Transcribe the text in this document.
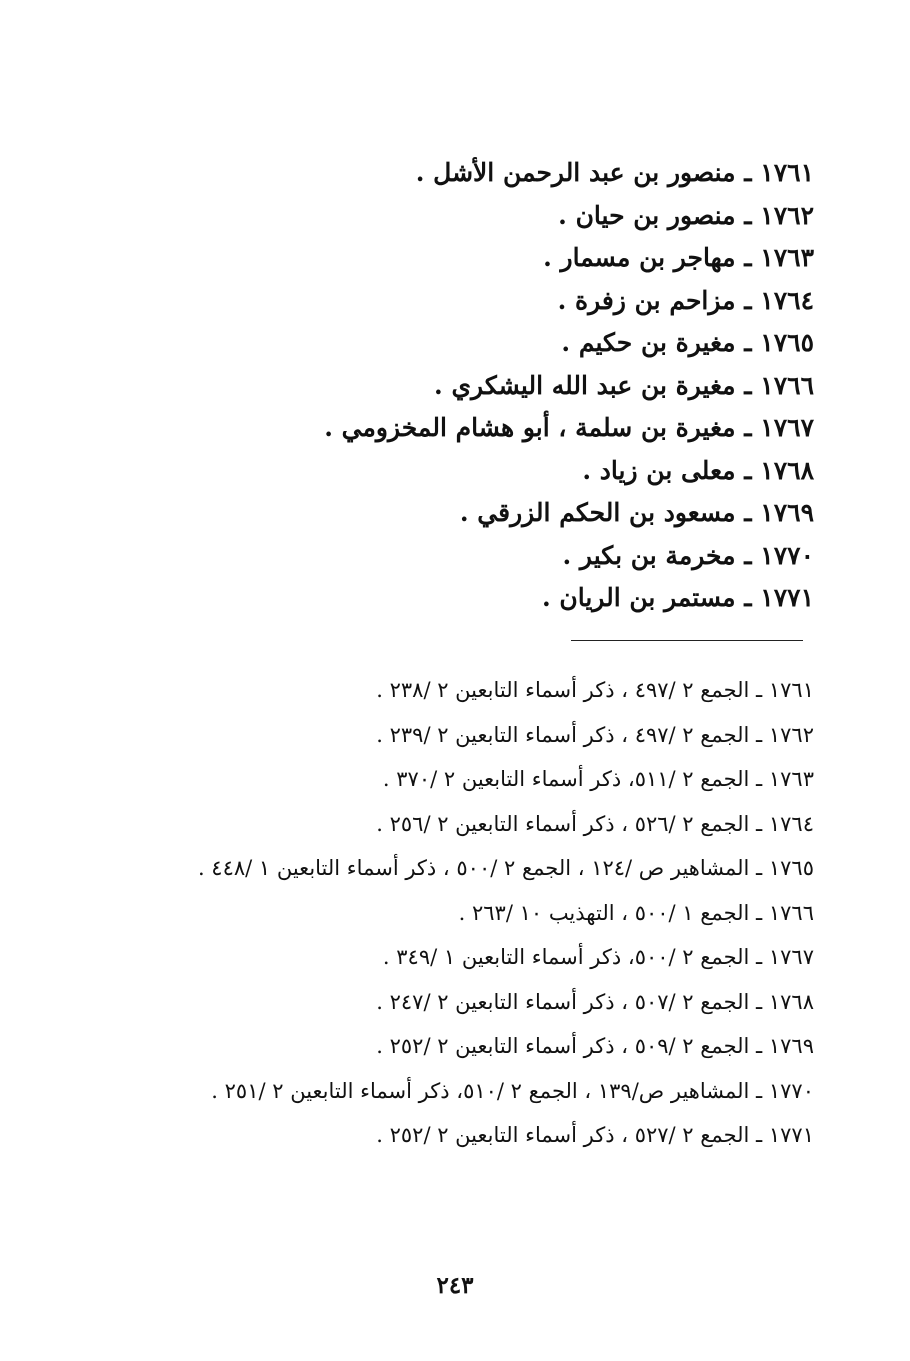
١٧٦١ ـ منصور بن عبد الرحمن الأشل .
١٧٦٢ ـ منصور بن حيان .
١٧٦٣ ـ مهاجر بن مسمار .
١٧٦٤ ـ مزاحم بن زفرة .
١٧٦٥ ـ مغيرة بن حكيم .
١٧٦٦ ـ مغيرة بن عبد الله اليشكري .
١٧٦٧ ـ مغيرة بن سلمة ، أبو هشام المخزومي .
١٧٦٨ ـ معلى بن زياد .
١٧٦٩ ـ مسعود بن الحكم الزرقي .
١٧٧٠ ـ مخرمة بن بكير .
١٧٧١ ـ مستمر بن الريان .
١٧٦١ ـ الجمع ٢ /٤٩٧ ، ذكر أسماء التابعين ٢ /٢٣٨ .
١٧٦٢ ـ الجمع ٢ /٤٩٧ ، ذكر أسماء التابعين ٢ /٢٣٩ .
١٧٦٣ ـ الجمع ٢ /٥١١، ذكر أسماء التابعين ٢ /٣٧٠ .
١٧٦٤ ـ الجمع ٢ /٥٢٦ ، ذكر أسماء التابعين ٢ /٢٥٦ .
١٧٦٥ ـ المشاهير ص /١٢٤ ، الجمع ٢ /٥٠٠ ، ذكر أسماء التابعين ١ /٤٤٨ .
١٧٦٦ ـ الجمع ١ /٥٠٠ ، التهذيب ١٠ /٢٦٣ .
١٧٦٧ ـ الجمع ٢ /٥٠٠، ذكر أسماء التابعين ١ /٣٤٩ .
١٧٦٨ ـ الجمع ٢ /٥٠٧ ، ذكر أسماء التابعين ٢ /٢٤٧ .
١٧٦٩ ـ الجمع ٢ /٥٠٩ ، ذكر أسماء التابعين ٢ /٢٥٢ .
١٧٧٠ ـ المشاهير ص/١٣٩ ، الجمع ٢ /٥١٠، ذكر أسماء التابعين ٢ /٢٥١ .
١٧٧١ ـ الجمع ٢ /٥٢٧ ، ذكر أسماء التابعين ٢ /٢٥٢ .
٢٤٣
